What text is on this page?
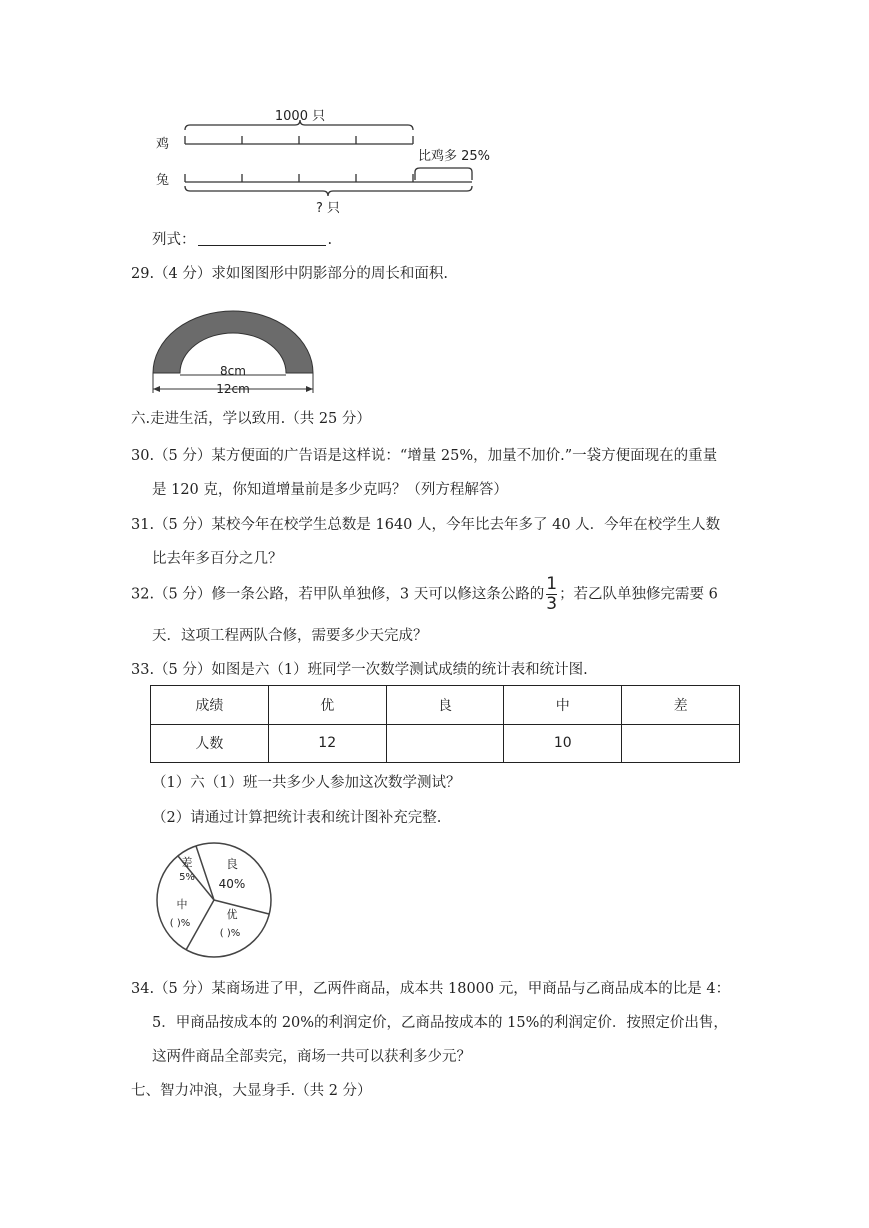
1000 只
鸡
比鸡多 25%
兔
? 只
列式：	.
29.（4 分）求如图图形中阴影部分的周长和面积.
8cm
12cm
六.走进生活，学以致用.（共 25 分）
30.（5 分）某方便面的广告语是这样说：“增量 25%，加量不加价.”一袋方便面现在的重量
是 120 克，你知道增量前是多少克吗？（列方程解答）
31.（5 分）某校今年在校学生总数是 1640 人，今年比去年多了 40 人．今年在校学生人数
比去年多百分之几？
32.（5 分）修一条公路，若甲队单独修，3 天可以修这条公路的 $\frac{1}{3}$ ；若乙队单独修完需要 6
天．这项工程两队合修，需要多少天完成？
33.（5 分）如图是六（1）班同学一次数学测试成绩的统计表和统计图.
成绩	优	良	中	差
人数	12		10	
（1）六（1）班一共多少人参加这次数学测试？
（2）请通过计算把统计表和统计图补充完整.
差
5%
良
40%
中
( )%
优
( )%
34.（5 分）某商场进了甲，乙两件商品，成本共 18000 元，甲商品与乙商品成本的比是 4：
5．甲商品按成本的 20%的利润定价，乙商品按成本的 15%的利润定价．按照定价出售，
这两件商品全部卖完，商场一共可以获利多少元？
七、智力冲浪，大显身手.（共 2 分）
